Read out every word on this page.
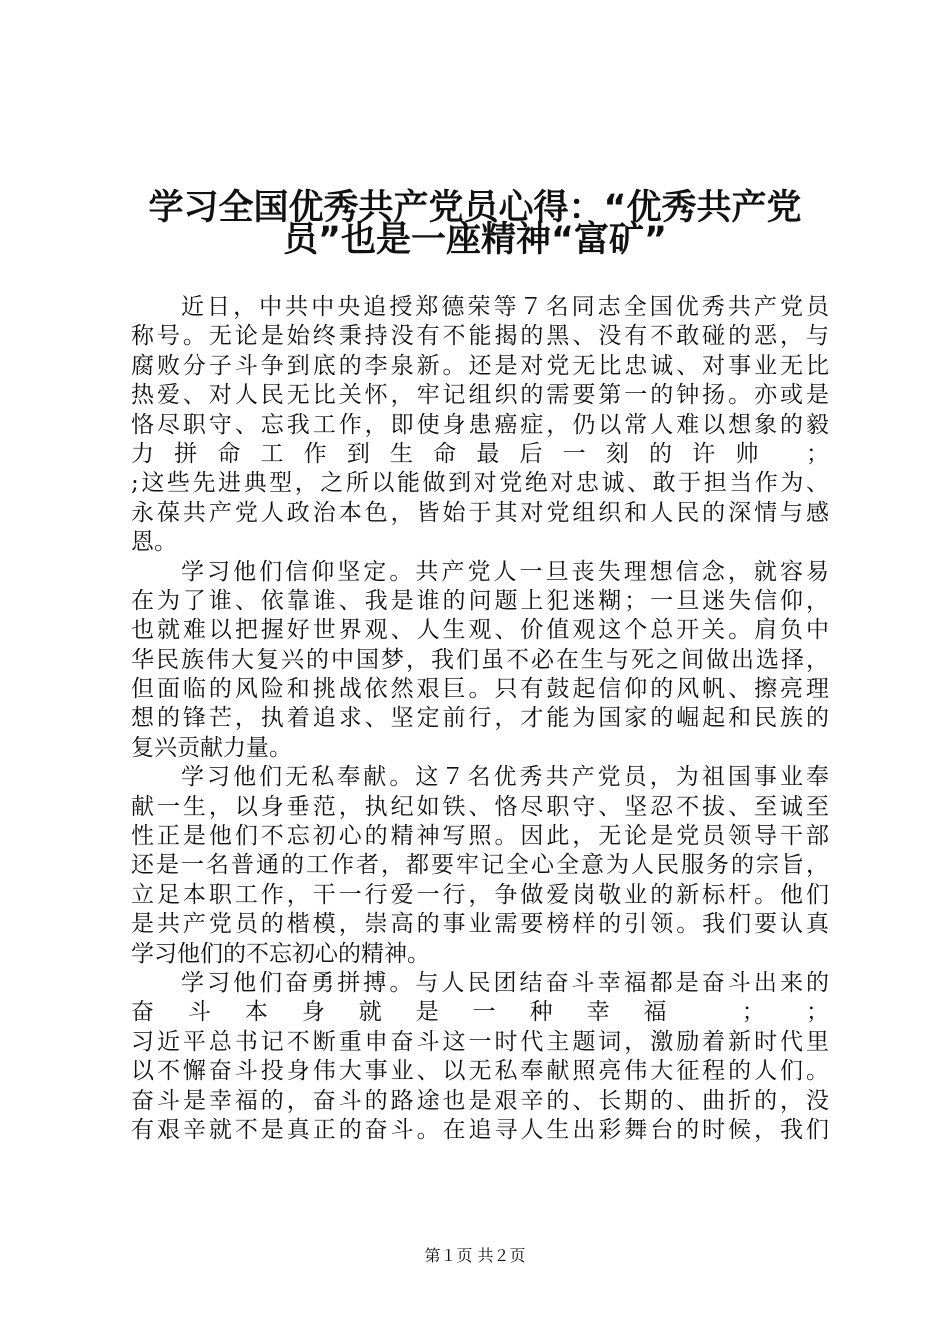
学习全国优秀共产党员心得：“优秀共产党
员”也是一座精神“富矿”
近日，中共中央追授郑德荣等７名同志全国优秀共产党员
称号。无论是始终秉持没有不能揭的黑、没有不敢碰的恶，与
腐败分子斗争到底的李泉新。还是对党无比忠诚、对事业无比
热爱、对人民无比关怀，牢记组织的需要第一的钟扬。亦或是
恪尽职守、忘我工作，即使身患癌症，仍以常人难以想象的毅
力拼命工作到生命最后一刻的许帅 ；
;这些先进典型，之所以能做到对党绝对忠诚、敢于担当作为、
永葆共产党人政治本色，皆始于其对党组织和人民的深情与感
恩。
学习他们信仰坚定。共产党人一旦丧失理想信念，就容易
在为了谁、依靠谁、我是谁的问题上犯迷糊；一旦迷失信仰，
也就难以把握好世界观、人生观、价值观这个总开关。肩负中
华民族伟大复兴的中国梦，我们虽不必在生与死之间做出选择，
但面临的风险和挑战依然艰巨。只有鼓起信仰的风帆、擦亮理
想的锋芒，执着追求、坚定前行，才能为国家的崛起和民族的
复兴贡献力量。
学习他们无私奉献。这７名优秀共产党员，为祖国事业奉
献一生，以身垂范，执纪如铁、恪尽职守、坚忍不拔、至诚至
性正是他们不忘初心的精神写照。因此，无论是党员领导干部
还是一名普通的工作者，都要牢记全心全意为人民服务的宗旨，
立足本职工作，干一行爱一行，争做爱岗敬业的新标杆。他们
是共产党员的楷模，崇高的事业需要榜样的引领。我们要认真
学习他们的不忘初心的精神。
学习他们奋勇拼搏。与人民团结奋斗幸福都是奋斗出来的
奋斗本身就是一种幸福 ； ；
习近平总书记不断重申奋斗这一时代主题词，激励着新时代里
以不懈奋斗投身伟大事业、以无私奉献照亮伟大征程的人们。
奋斗是幸福的，奋斗的路途也是艰辛的、长期的、曲折的，没
有艰辛就不是真正的奋斗。在追寻人生出彩舞台的时候，我们
第１页 共２页
